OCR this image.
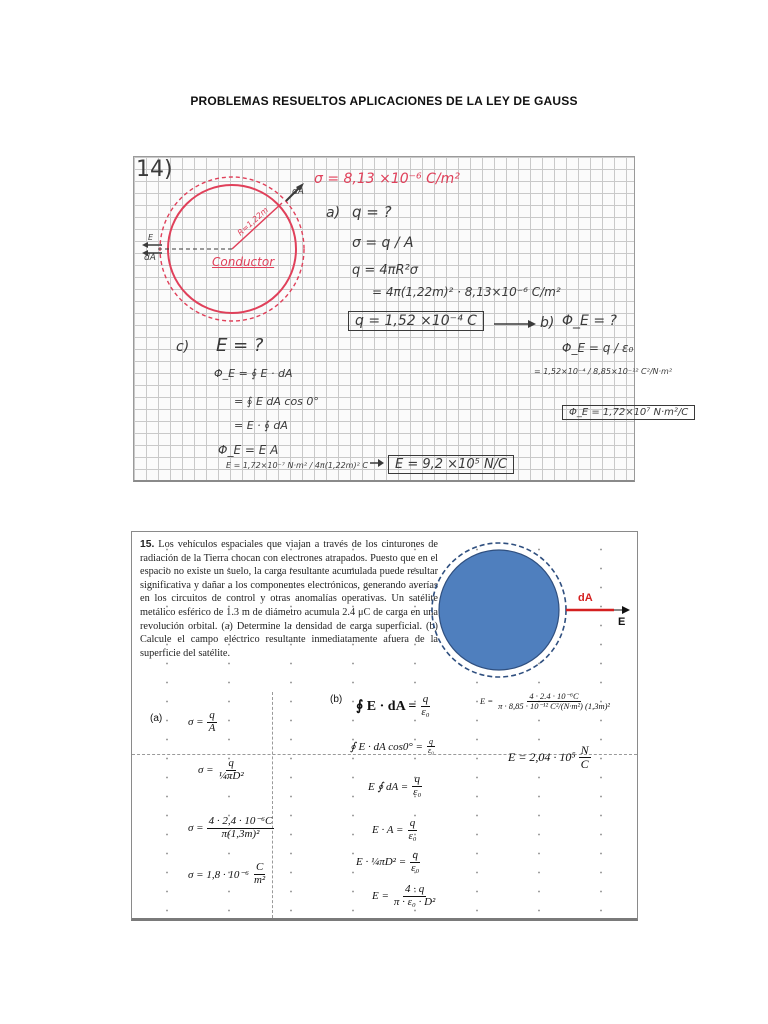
PROBLEMAS RESUELTOS APLICACIONES DE LA LEY DE GAUSS
14)	σ = 8,13 ×10⁻⁶ C/m²
R=1,22m
Conductor
dA
dA
E
a) q = ?
σ = q / A
q = 4πR²σ
= 4π(1,22m)² · 8,13×10⁻⁶ C/m²
q = 1,52 ×10⁻⁴ C	b) Φ_E = ?
Φ_E = q / ε₀
= 1,52×10⁻⁴ / 8,85×10⁻¹² C²/N·m²
Φ_E = 1,72×10⁷ N·m²/C
c) E = ?
Φ_E = ∮ E · dA
= ∮ E dA cos 0°
= E · ∮ dA
Φ_E = E A
E = 1,72×10⁻⁷ N·m² / 4π(1,22m)² C	E = 9,2 ×10⁵ N/C
15. Los vehículos espaciales que viajan a través de los cinturones de radiación de la Tierra chocan con electrones atrapados. Puesto que en el espacio no existe un suelo, la carga resultante acumulada puede resultar significativa y dañar a los componentes electrónicos, generando averías en los circuitos de control y otras anomalías operativas. Un satélite metálico esférico de 1.3 m de diámetro acumula 2.4 μC de carga en una revolución orbital. (a) Determine la densidad de carga superficial. (b) Calcule el campo eléctrico resultante inmediatamente afuera de la superficie del satélite.
dA
E
(a)
(b)
$\sigma = \frac{q}{A}$
$\sigma = \frac{q}{\text{¼πD²}}$
$\sigma = \frac{\text{4 · 2,4 · 10⁻⁶C}}{\text{π(1,3m)²}}$
$\sigma = 1,8 \cdot 10^{-6} \frac{C}{\text{m²}}$
∮ E · dA = $\frac{q}{\text{ε₀}}$
∮ E · dA $\cos 0^\circ = \frac{q}{\text{ε₀}}$
E ∮ dA = $\frac{q}{\text{ε₀}}$
$E \cdot A = \frac{q}{\text{ε₀}}$
E · ¼πD² = $\frac{q}{\text{ε₀}}$
$E = \frac{4 \cdot q}{\text{π · ε₀ · D²}}$
$E = \frac{\text{4 · 2.4 · 10⁻⁶C}}{\text{π · 8,85 · 10⁻¹² C²/(N·m²) (1,3m)²}}$
$E = 2,04 \cdot 10^5 \frac{N}{C}$
